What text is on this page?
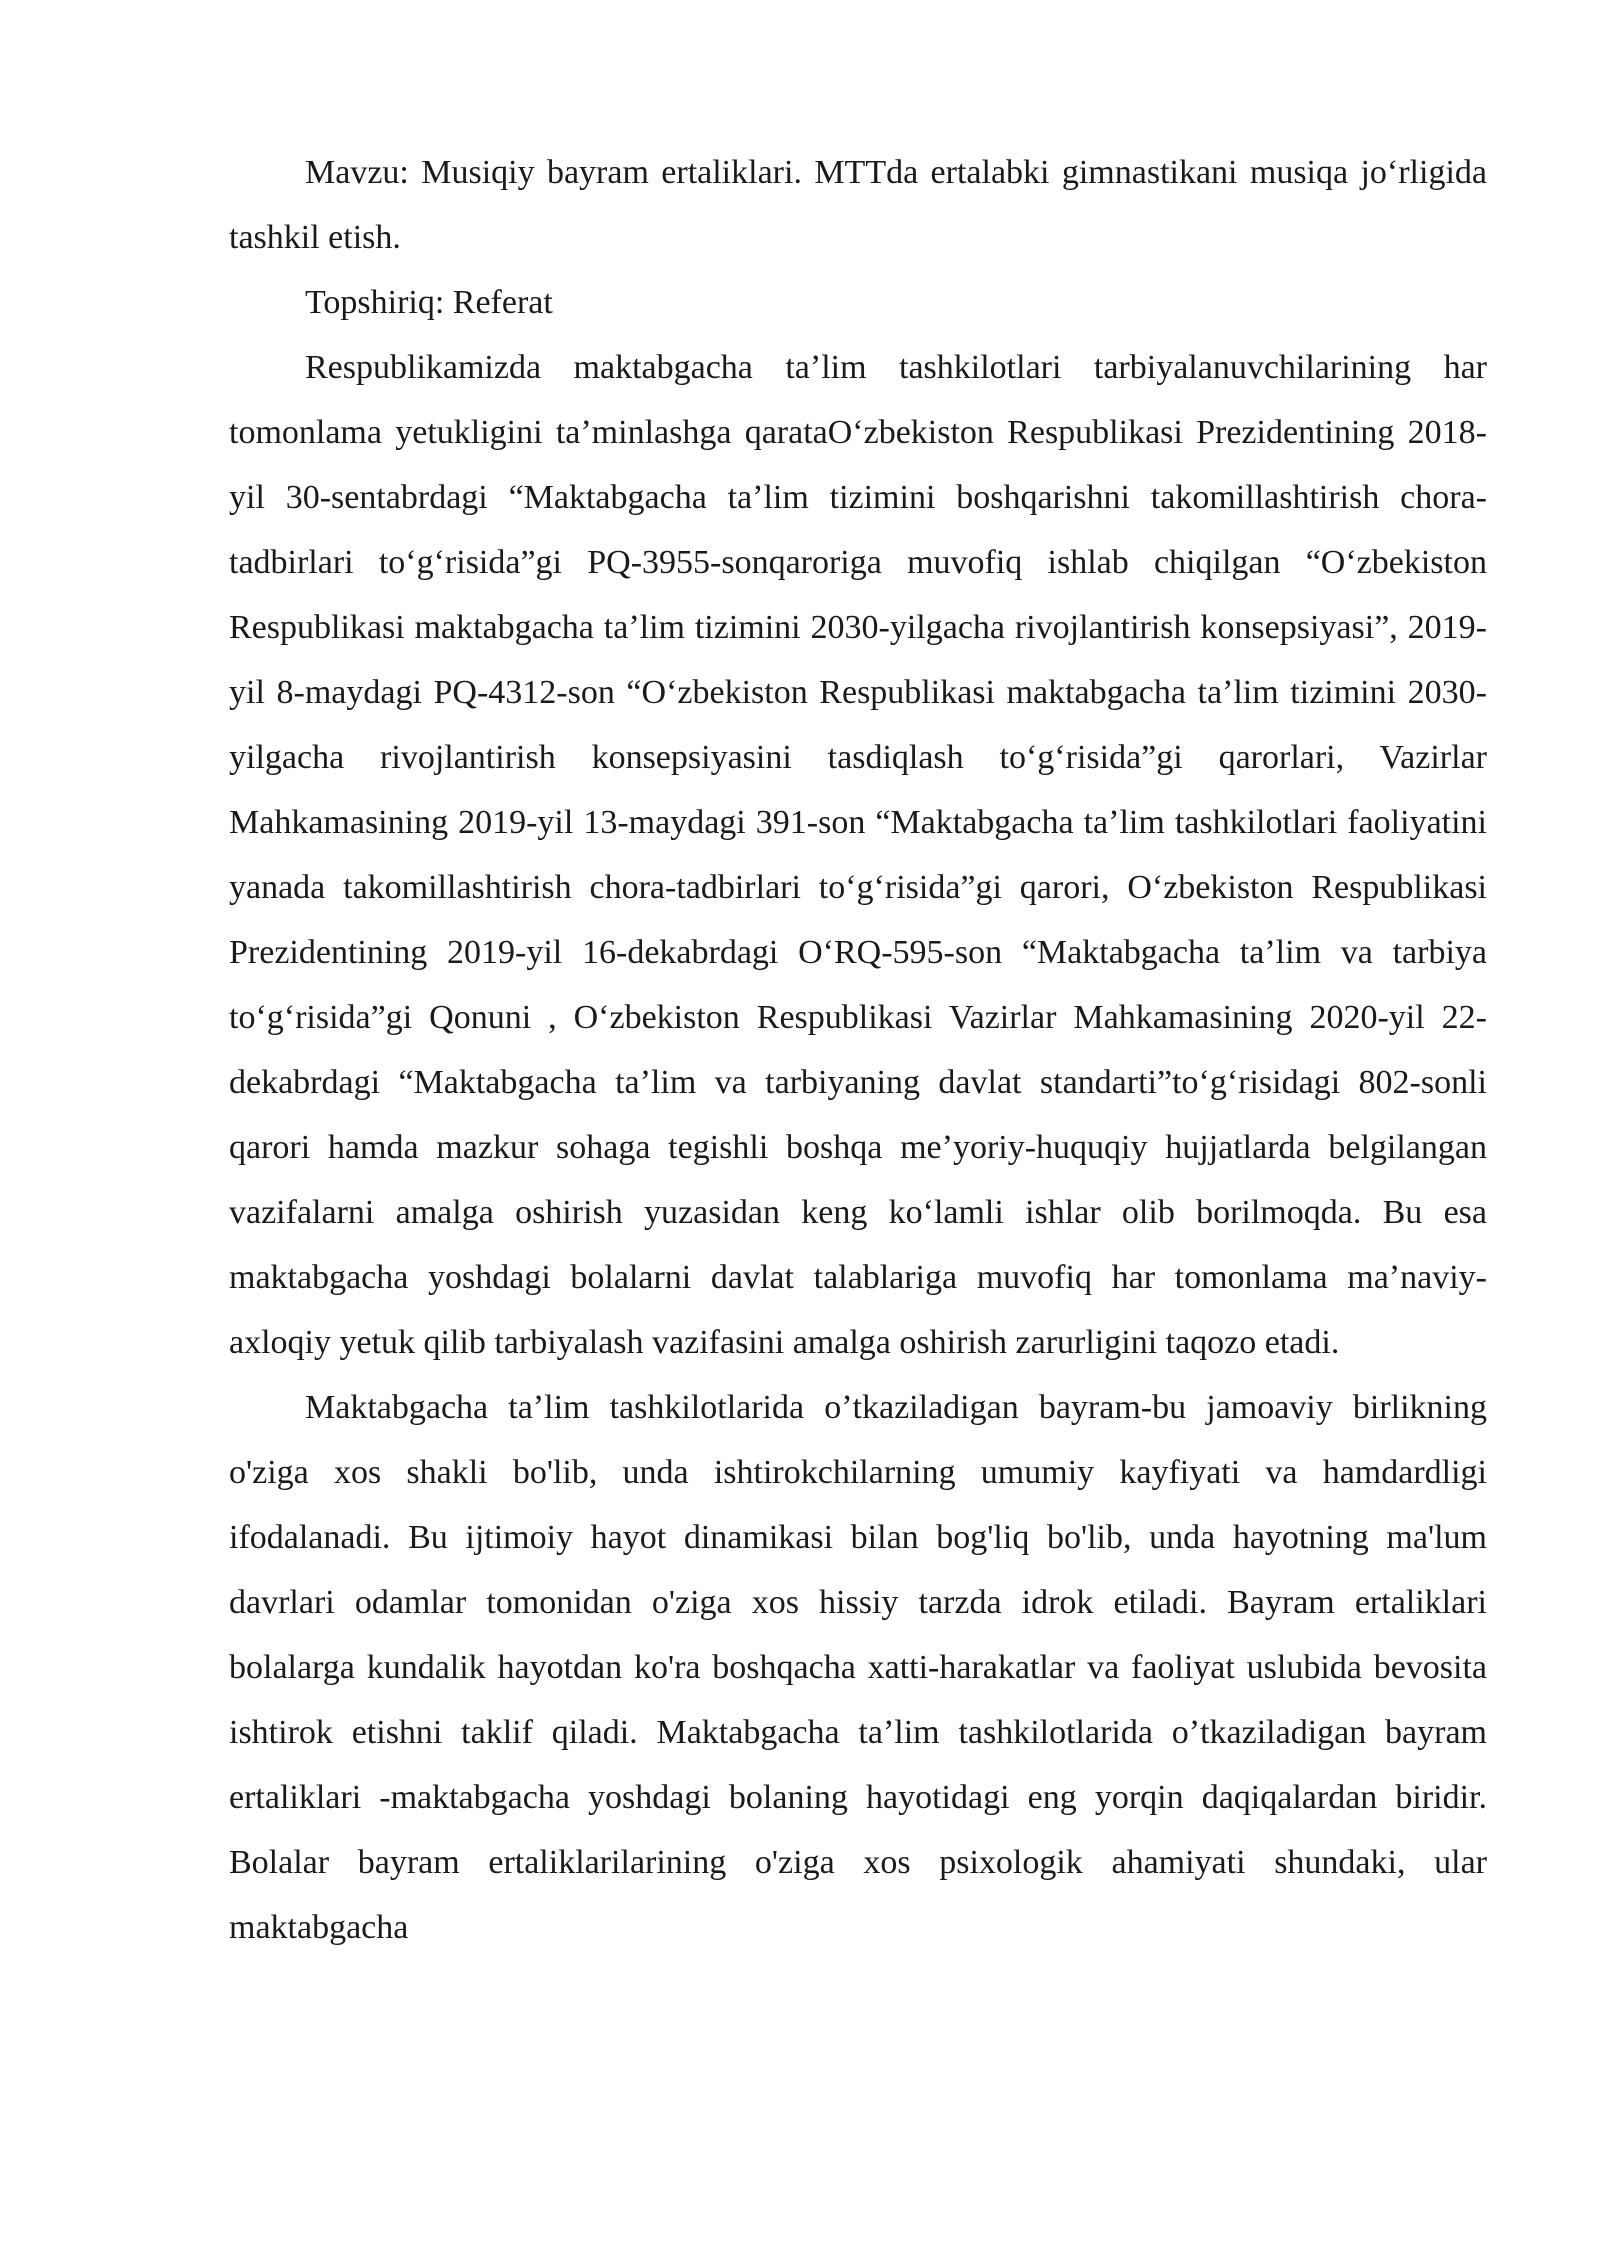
Mavzu: Musiqiy bayram ertaliklari. MTTda ertalabki gimnastikani musiqa joʻrligida tashkil etish.

Topshiriq: Referat

Respublikamizda maktabgacha taʼlim tashkilotlari tarbiyalanuvchilarining har tomonlama yetukligini taʼminlashga qarataOʻzbekiston Respublikasi Prezidentining 2018-yil 30-sentabrdagi “Maktabgacha taʼlim tizimini boshqarishni takomillashtirish chora-tadbirlari toʻgʻrisida”gi PQ-3955-sonqaroriga muvofiq ishlab chiqilgan “Oʻzbekiston Respublikasi maktabgacha taʼlim tizimini 2030-yilgacha rivojlantirish konsepsiyasi”, 2019-yil 8-maydagi PQ-4312-son “Oʻzbekiston Respublikasi maktabgacha taʼlim tizimini 2030-yilgacha rivojlantirish konsepsiyasini tasdiqlash toʻgʻrisida”gi qarorlari, Vazirlar Mahkamasining 2019-yil 13-maydagi 391-son “Maktabgacha taʼlim tashkilotlari faoliyatini yanada takomillashtirish chora-tadbirlari toʻgʻrisida”gi qarori, Oʻzbekiston Respublikasi Prezidentining 2019-yil 16-dekabrdagi OʻRQ-595-son “Maktabgacha taʼlim va tarbiya toʻgʻrisida”gi Qonuni , Oʻzbekiston Respublikasi Vazirlar Mahkamasining 2020-yil 22-dekabrdagi “Maktabgacha taʼlim va tarbiyaning davlat standarti”toʻgʻrisidagi 802-sonli qarori hamda mazkur sohaga tegishli boshqa meʼyoriy-huquqiy hujjatlarda belgilangan vazifalarni amalga oshirish yuzasidan keng koʻlamli ishlar olib borilmoqda. Bu esa maktabgacha yoshdagi bolalarni davlat talablariga muvofiq har tomonlama maʼnaviy-axloqiy yetuk qilib tarbiyalash vazifasini amalga oshirish zarurligini taqozo etadi.

Maktabgacha taʼlim tashkilotlarida oʼtkaziladigan bayram-bu jamoaviy birlikning o'ziga xos shakli bo'lib, unda ishtirokchilarning umumiy kayfiyati va hamdardligi ifodalanadi. Bu ijtimoiy hayot dinamikasi bilan bog'liq bo'lib, unda hayotning ma'lum davrlari odamlar tomonidan o'ziga xos hissiy tarzda idrok etiladi. Bayram ertaliklari bolalarga kundalik hayotdan ko'ra boshqacha xatti-harakatlar va faoliyat uslubida bevosita ishtirok etishni taklif qiladi. Maktabgacha taʼlim tashkilotlarida oʼtkaziladigan bayram ertaliklari -maktabgacha yoshdagi bolaning hayotidagi eng yorqin daqiqalardan biridir. Bolalar bayram ertaliklarilarining o'ziga xos psixologik ahamiyati shundaki, ular maktabgacha
